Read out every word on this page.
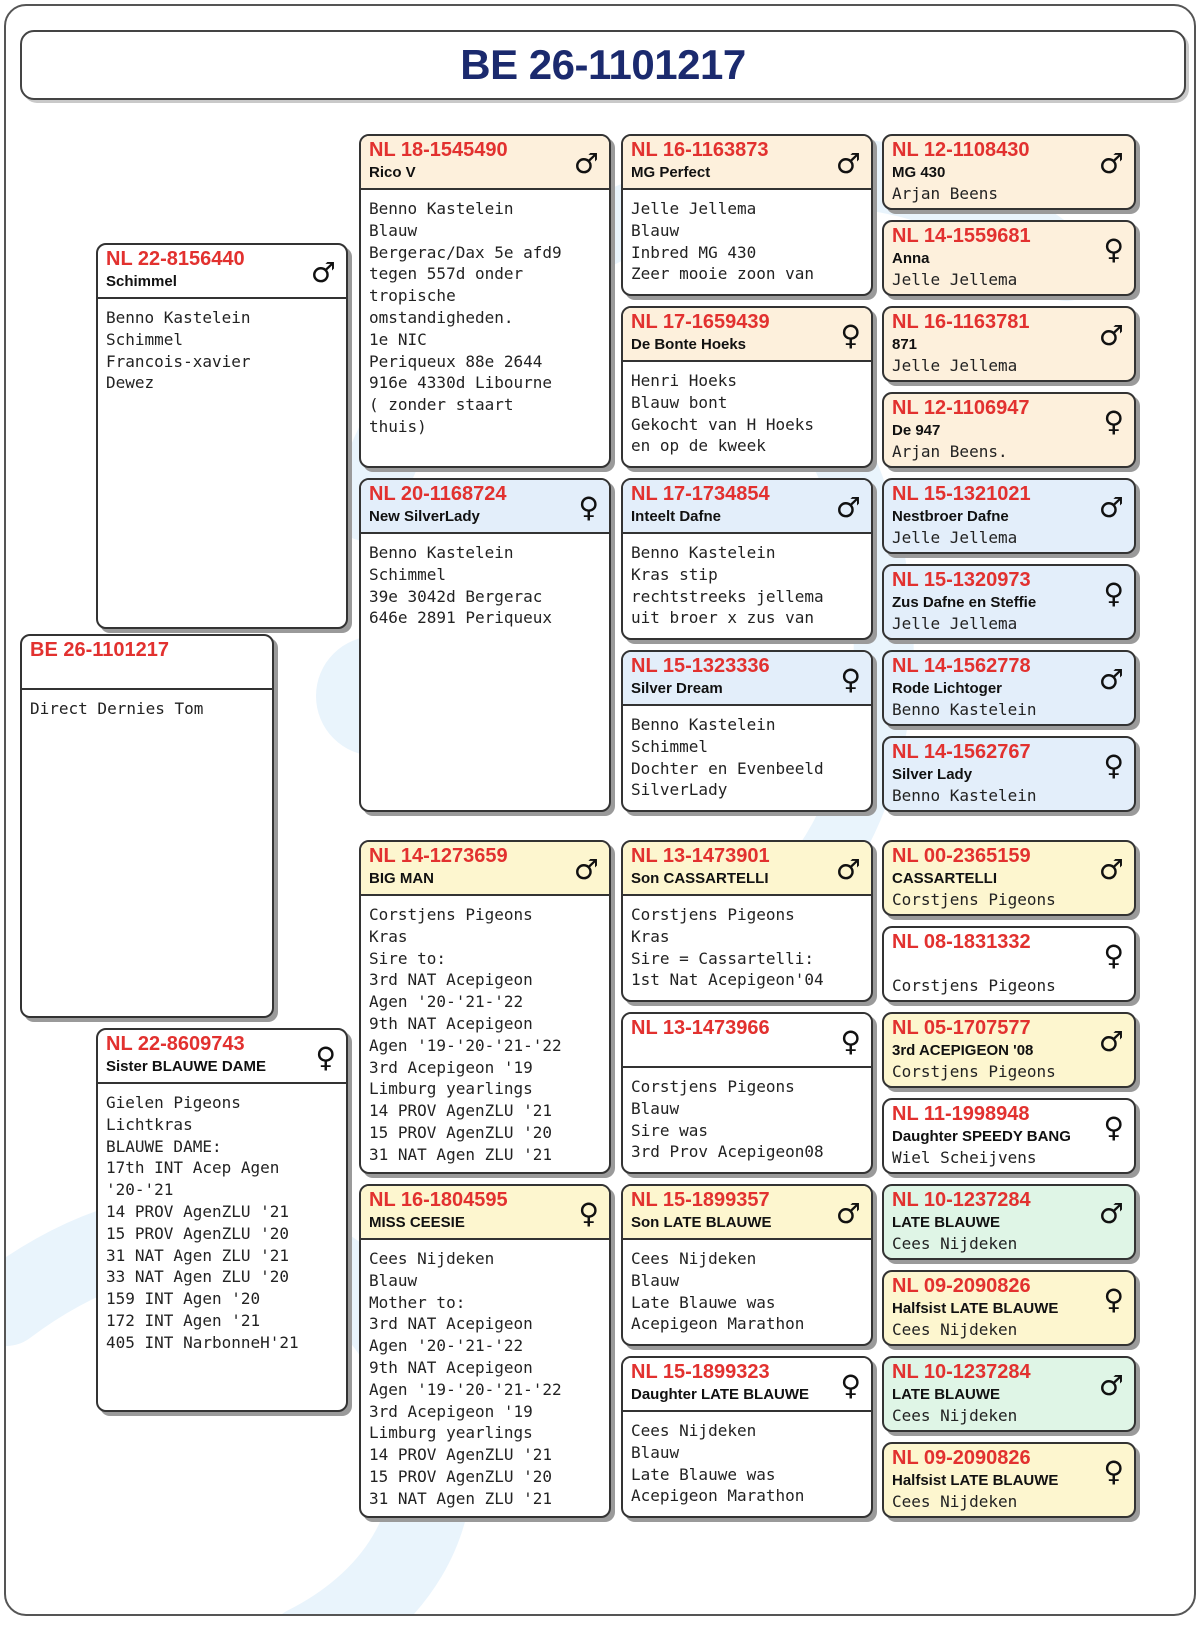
BE 26-1101217
BE 26-1101217

Direct Dernies Tom
NL 22-8156440
Schimmel	♂
Benno Kastelein
Schimmel
Francois-xavier
Dewez
NL 22-8609743
Sister BLAUWE DAME	♀
Gielen Pigeons
Lichtkras
BLAUWE DAME:
17th INT Acep Agen
'20-'21
14 PROV AgenZLU '21
15 PROV AgenZLU '20
31 NAT Agen ZLU '21
33 NAT Agen ZLU '20
159 INT Agen '20
172 INT Agen '21
405 INT NarbonneH'21
NL 18-1545490
Rico V	♂
Benno Kastelein
Blauw
Bergerac/Dax 5e afd9
tegen 557d onder
tropische
omstandigheden.
1e NIC
Periqueux 88e 2644
916e 4330d Libourne
( zonder staart
thuis)
NL 20-1168724
New SilverLady	♀
Benno Kastelein
Schimmel
39e 3042d Bergerac
646e 2891 Periqueux
NL 14-1273659
BIG MAN	♂
Corstjens Pigeons
Kras
Sire to:
3rd NAT Acepigeon
Agen '20-'21-'22
9th NAT Acepigeon
Agen '19-'20-'21-'22
3rd Acepigeon '19
Limburg yearlings
14 PROV AgenZLU '21
15 PROV AgenZLU '20
31 NAT Agen ZLU '21
NL 16-1804595
MISS CEESIE	♀
Cees Nijdeken
Blauw
Mother to:
3rd NAT Acepigeon
Agen '20-'21-'22
9th NAT Acepigeon
Agen '19-'20-'21-'22
3rd Acepigeon '19
Limburg yearlings
14 PROV AgenZLU '21
15 PROV AgenZLU '20
31 NAT Agen ZLU '21
NL 16-1163873
MG Perfect	♂
Jelle Jellema
Blauw
Inbred MG 430
Zeer mooie zoon van
NL 17-1659439
De Bonte Hoeks	♀
Henri Hoeks
Blauw bont
Gekocht van H Hoeks
en op de kweek
NL 17-1734854
Inteelt Dafne	♂
Benno Kastelein
Kras stip
rechtstreeks jellema
uit broer x zus van
NL 15-1323336
Silver Dream	♀
Benno Kastelein
Schimmel
Dochter en Evenbeeld
SilverLady
NL 13-1473901
Son CASSARTELLI	♂
Corstjens Pigeons
Kras
Sire = Cassartelli:
1st Nat Acepigeon'04
NL 13-1473966
	♀
Corstjens Pigeons
Blauw
Sire was
3rd Prov Acepigeon08
NL 15-1899357
Son LATE BLAUWE	♂
Cees Nijdeken
Blauw
Late Blauwe was
Acepigeon Marathon
NL 15-1899323
Daughter LATE BLAUWE	♀
Cees Nijdeken
Blauw
Late Blauwe was
Acepigeon Marathon
NL 12-1108430
MG 430	♂
Arjan Beens
NL 14-1559681
Anna	♀
Jelle Jellema
NL 16-1163781
871	♂
Jelle Jellema
NL 12-1106947
De 947	♀
Arjan Beens.
NL 15-1321021
Nestbroer Dafne	♂
Jelle Jellema
NL 15-1320973
Zus Dafne en Steffie	♀
Jelle Jellema
NL 14-1562778
Rode Lichtoger	♂
Benno Kastelein
NL 14-1562767
Silver Lady	♀
Benno Kastelein
NL 00-2365159
CASSARTELLI	♂
Corstjens Pigeons
NL 08-1831332
	♀
Corstjens Pigeons
NL 05-1707577
3rd ACEPIGEON '08	♂
Corstjens Pigeons
NL 11-1998948
Daughter SPEEDY BANG	♀
Wiel Scheijvens
NL 10-1237284
LATE BLAUWE	♂
Cees Nijdeken
NL 09-2090826
Halfsist LATE BLAUWE	♀
Cees Nijdeken
NL 10-1237284
LATE BLAUWE	♂
Cees Nijdeken
NL 09-2090826
Halfsist LATE BLAUWE	♀
Cees Nijdeken
